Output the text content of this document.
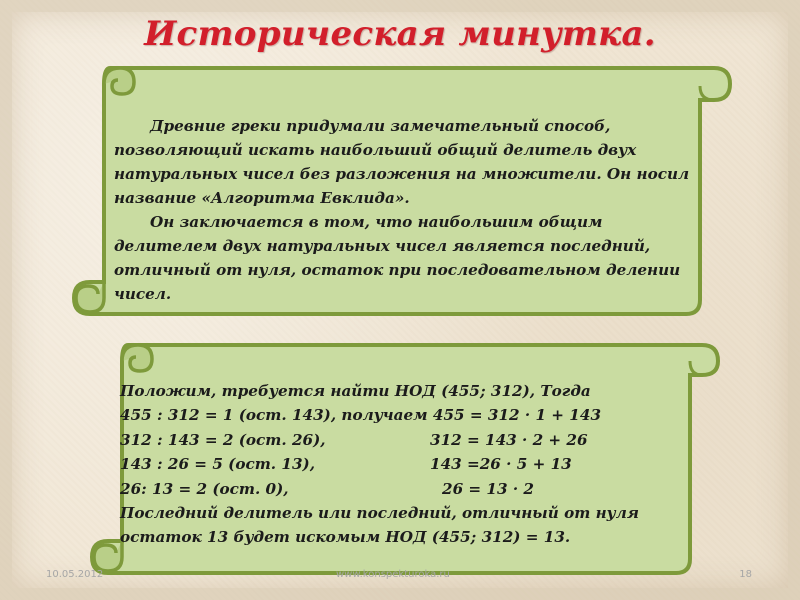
Историческая минутка.

Древние греки придумали замечательный способ, позволяющий искать наибольший общий делитель двух натуральных чисел без разложения на множители. Он носил название «Алгоритма Евклида».

Он заключается в том, что наибольшим общим делителем двух натуральных чисел является последний, отличный от нуля, остаток при последовательном делении чисел.

Положим, требуется найти НОД (455; 312), Тогда
455 : 312 = 1 (ост. 143), получаем 455 = 312 · 1 + 143
312 : 143 = 2 (ост. 26),	312 = 143 · 2 + 26
143 : 26 = 5 (ост. 13),	143 =26 · 5 + 13
26: 13 = 2 (ост. 0),	26 = 13 · 2
Последний делитель или последний, отличный от нуля
остаток 13 будет искомым НОД (455; 312) = 13.
10.05.2012	www.konspekturoka.ru	18
